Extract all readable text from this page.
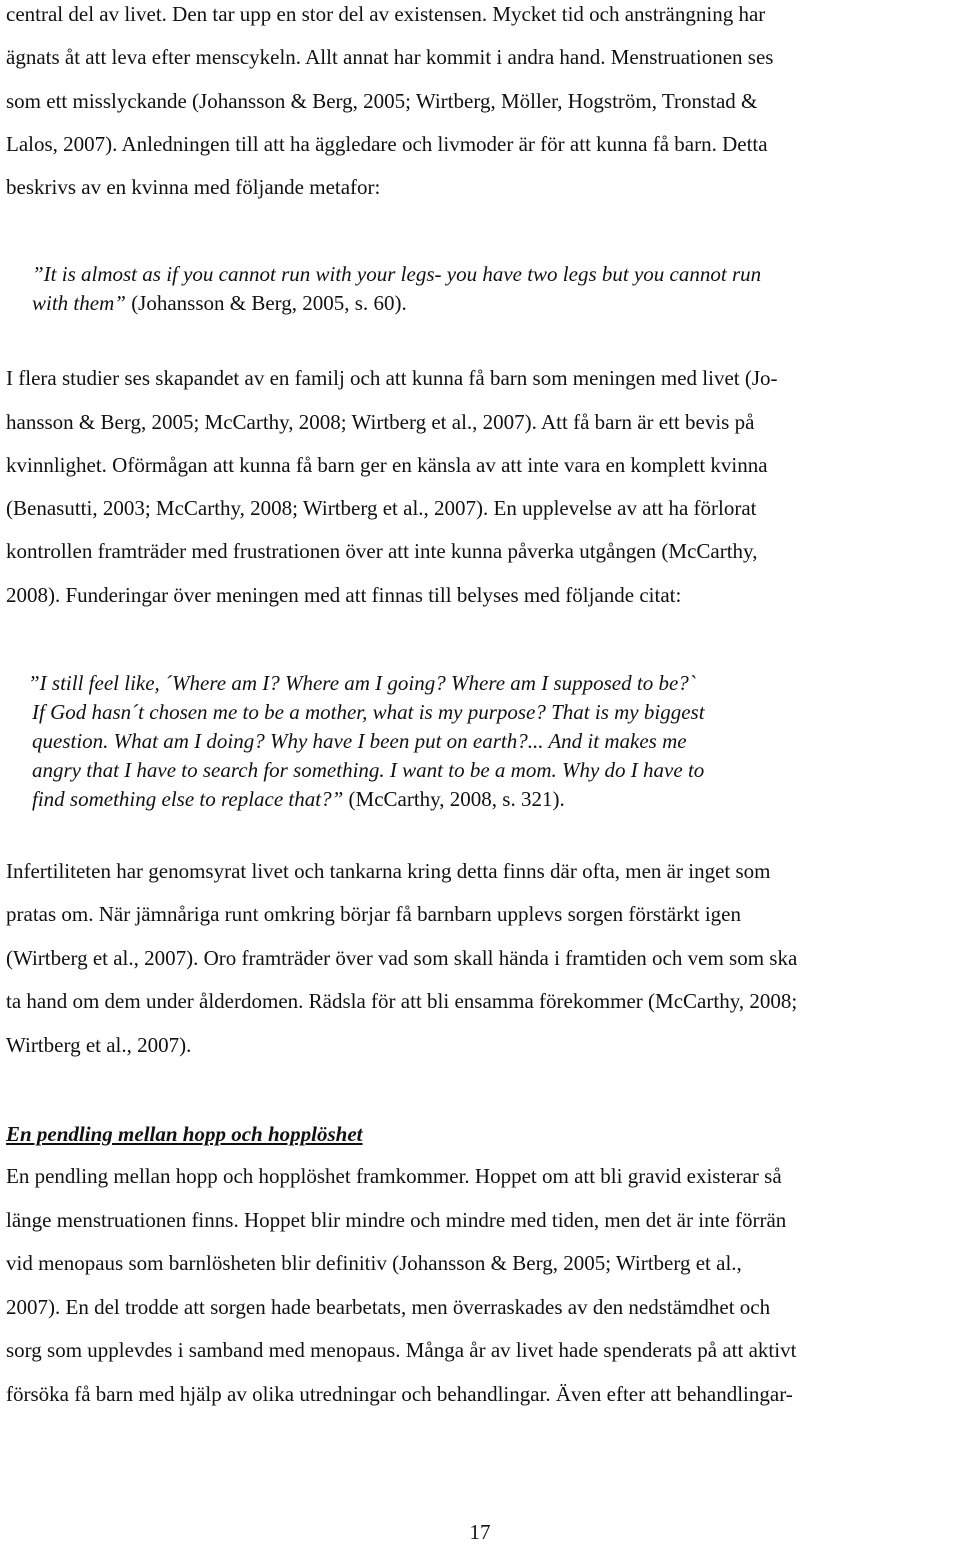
central del av livet. Den tar upp en stor del av existensen. Mycket tid och ansträngning har
ägnats åt att leva efter menscykeln. Allt annat har kommit i andra hand. Menstruationen ses
som ett misslyckande (Johansson & Berg, 2005; Wirtberg, Möller, Hogström, Tronstad &
Lalos, 2007). Anledningen till att ha äggledare och livmoder är för att kunna få barn. Detta
beskrivs av en kvinna med följande metafor:
”It is almost as if you cannot run with your legs- you have two legs but you cannot run
with them” (Johansson & Berg, 2005, s. 60).
I flera studier ses skapandet av en familj och att kunna få barn som meningen med livet (Jo-
hansson & Berg, 2005; McCarthy, 2008; Wirtberg et al., 2007). Att få barn är ett bevis på
kvinnlighet. Oförmågan att kunna få barn ger en känsla av att inte vara en komplett kvinna
(Benasutti, 2003; McCarthy, 2008; Wirtberg et al., 2007). En upplevelse av att ha förlorat
kontrollen framträder med frustrationen över att inte kunna påverka utgången (McCarthy,
2008). Funderingar över meningen med att finnas till belyses med följande citat:
”I still feel like, ´Where am I? Where am I going? Where am I supposed to be?`
If God hasn´t chosen me to be a mother, what is my purpose? That is my biggest
question. What am I doing? Why have I been put on earth?... And it makes me
angry that I have to search for something. I want to be a mom. Why do I have to
find something else to replace that?” (McCarthy, 2008, s. 321).
Infertiliteten har genomsyrat livet och tankarna kring detta finns där ofta, men är inget som
pratas om. När jämnåriga runt omkring börjar få barnbarn upplevs sorgen förstärkt igen
(Wirtberg et al., 2007). Oro framträder över vad som skall hända i framtiden och vem som ska
ta hand om dem under ålderdomen. Rädsla för att bli ensamma förekommer (McCarthy, 2008;
Wirtberg et al., 2007).
En pendling mellan hopp och hopplöshet
En pendling mellan hopp och hopplöshet framkommer. Hoppet om att bli gravid existerar så
länge menstruationen finns. Hoppet blir mindre och mindre med tiden, men det är inte förrän
vid menopaus som barnlösheten blir definitiv (Johansson & Berg, 2005; Wirtberg et al.,
2007). En del trodde att sorgen hade bearbetats, men överraskades av den nedstämdhet och
sorg som upplevdes i samband med menopaus. Många år av livet hade spenderats på att aktivt
försöka få barn med hjälp av olika utredningar och behandlingar. Även efter att behandlingar-
17
